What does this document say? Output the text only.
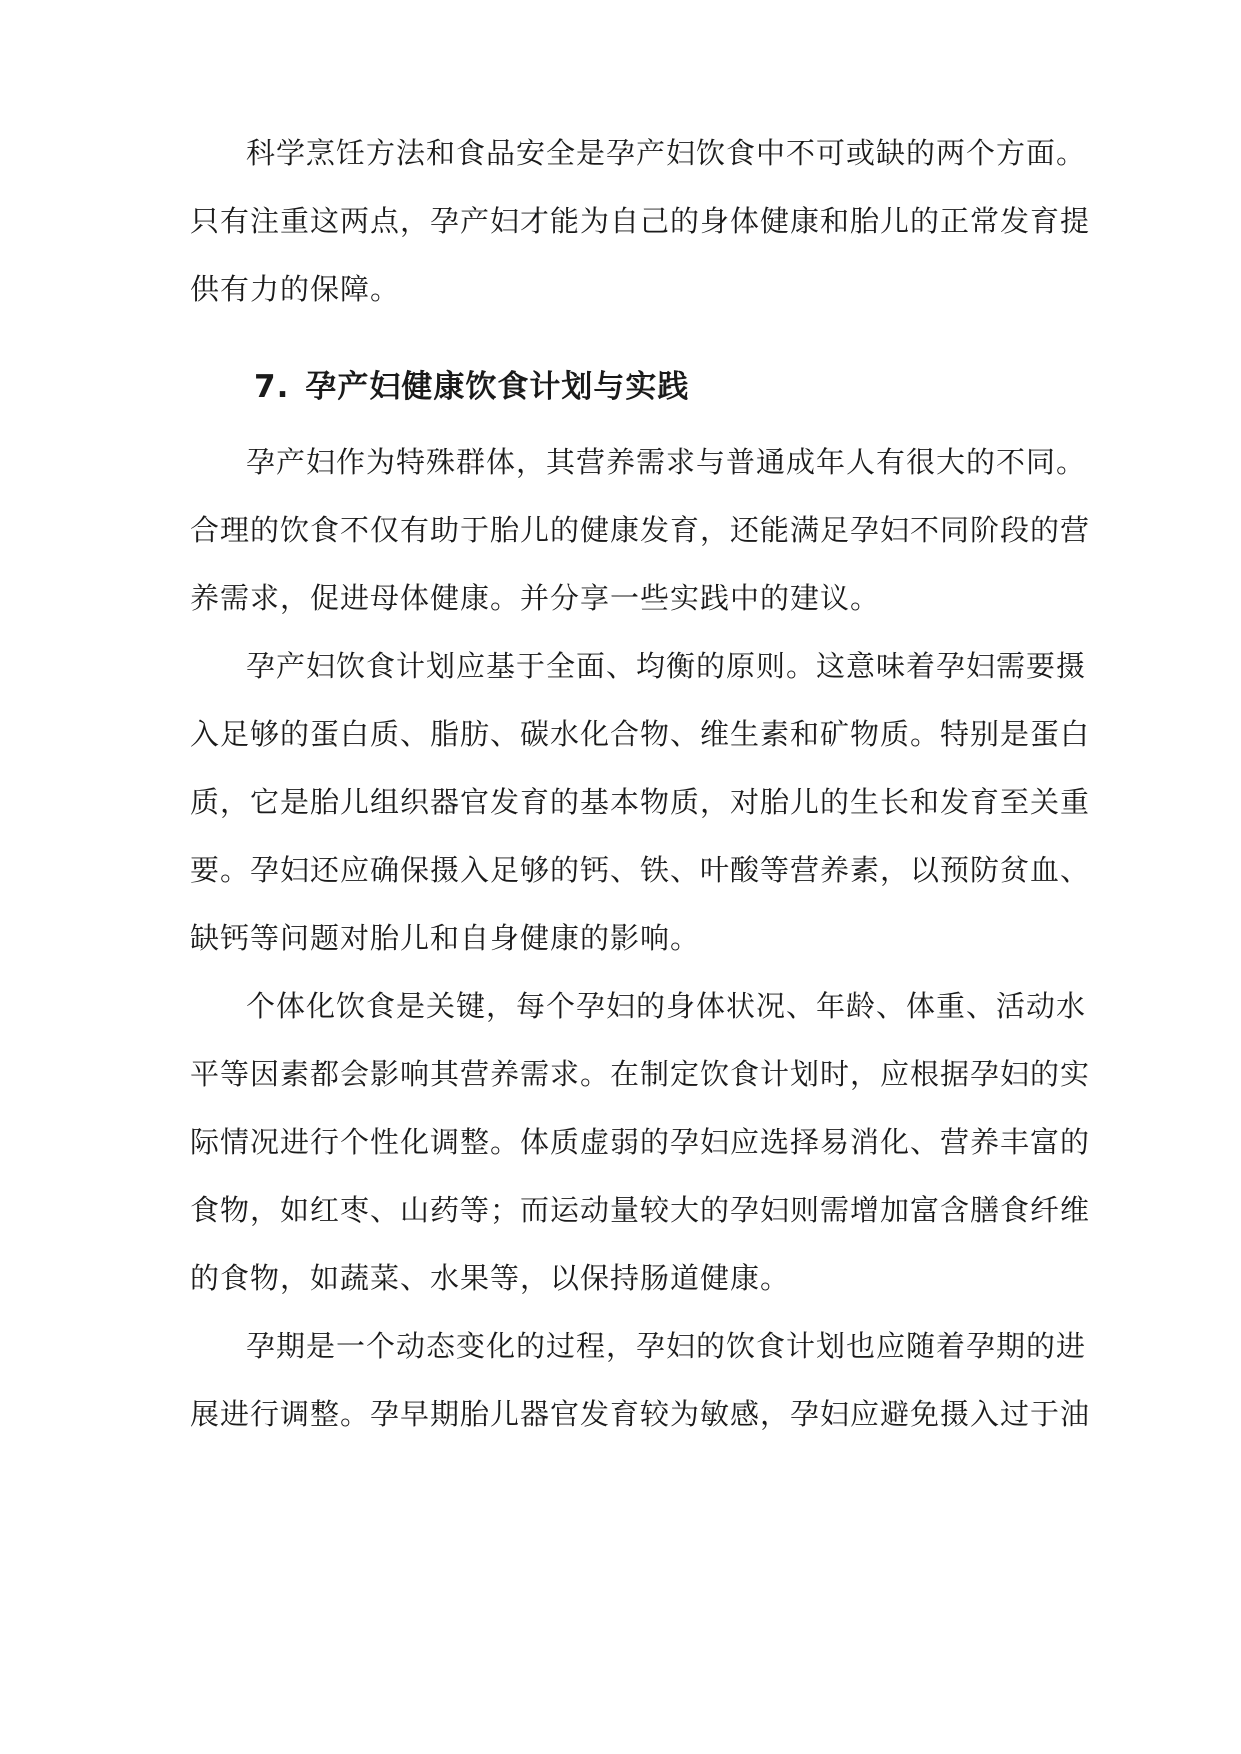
科学烹饪方法和食品安全是孕产妇饮食中不可或缺的两个方面。
只有注重这两点，孕产妇才能为自己的身体健康和胎儿的正常发育提
供有力的保障。
7. 孕产妇健康饮食计划与实践
孕产妇作为特殊群体，其营养需求与普通成年人有很大的不同。
合理的饮食不仅有助于胎儿的健康发育，还能满足孕妇不同阶段的营
养需求，促进母体健康。并分享一些实践中的建议。
孕产妇饮食计划应基于全面、均衡的原则。这意味着孕妇需要摄
入足够的蛋白质、脂肪、碳水化合物、维生素和矿物质。特别是蛋白
质，它是胎儿组织器官发育的基本物质，对胎儿的生长和发育至关重
要。孕妇还应确保摄入足够的钙、铁、叶酸等营养素，以预防贫血、
缺钙等问题对胎儿和自身健康的影响。
个体化饮食是关键，每个孕妇的身体状况、年龄、体重、活动水
平等因素都会影响其营养需求。在制定饮食计划时，应根据孕妇的实
际情况进行个性化调整。体质虚弱的孕妇应选择易消化、营养丰富的
食物，如红枣、山药等；而运动量较大的孕妇则需增加富含膳食纤维
的食物，如蔬菜、水果等，以保持肠道健康。
孕期是一个动态变化的过程，孕妇的饮食计划也应随着孕期的进
展进行调整。孕早期胎儿器官发育较为敏感，孕妇应避免摄入过于油
